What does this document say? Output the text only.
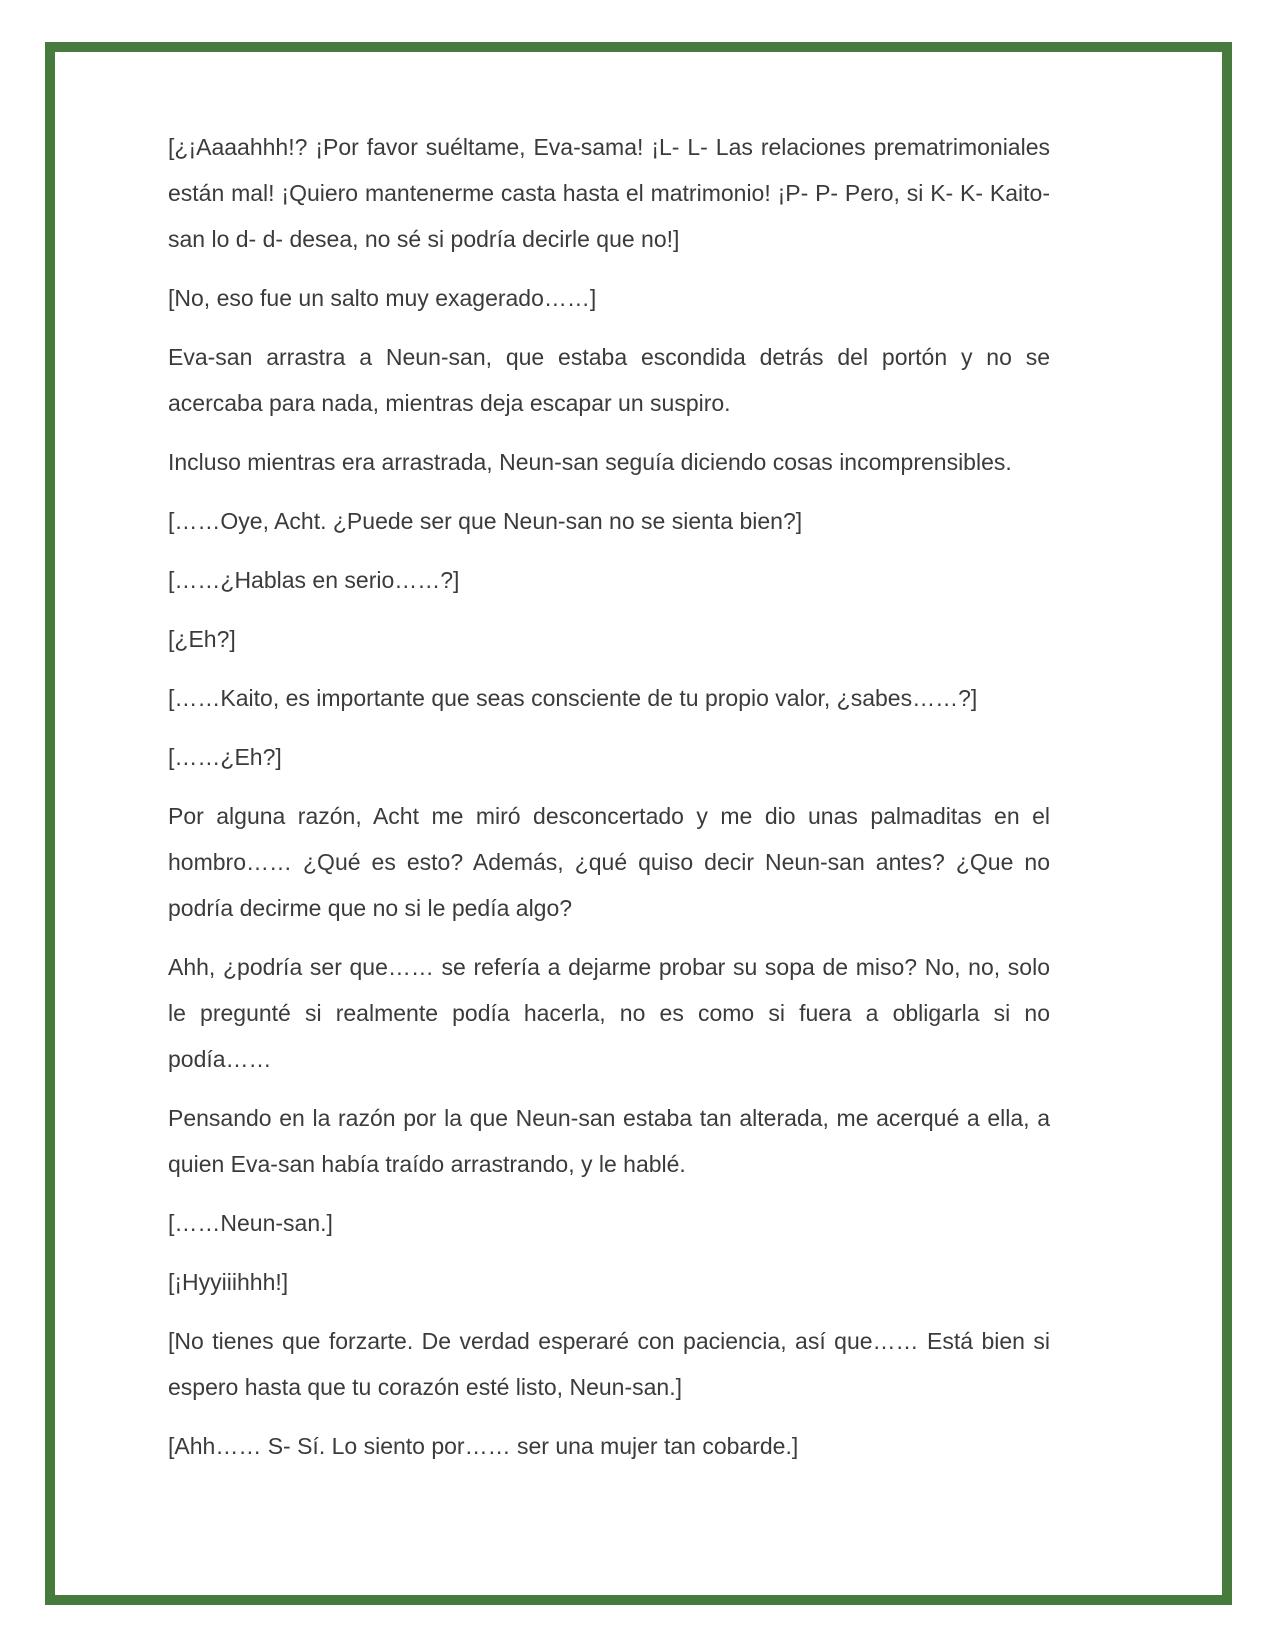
[¿¡Aaaahhh!? ¡Por favor suéltame, Eva-sama! ¡L- L- Las relaciones prematrimoniales están mal! ¡Quiero mantenerme casta hasta el matrimonio! ¡P- P- Pero, si K- K- Kaito-san lo d- d- desea, no sé si podría decirle que no!]

[No, eso fue un salto muy exagerado……]

Eva-san arrastra a Neun-san, que estaba escondida detrás del portón y no se acercaba para nada, mientras deja escapar un suspiro.

Incluso mientras era arrastrada, Neun-san seguía diciendo cosas incomprensibles.

[……Oye, Acht. ¿Puede ser que Neun-san no se sienta bien?]

[……¿Hablas en serio……?]

[¿Eh?]

[……Kaito, es importante que seas consciente de tu propio valor, ¿sabes……?]

[……¿Eh?]

Por alguna razón, Acht me miró desconcertado y me dio unas palmaditas en el hombro…… ¿Qué es esto? Además, ¿qué quiso decir Neun-san antes? ¿Que no podría decirme que no si le pedía algo?

Ahh, ¿podría ser que…… se refería a dejarme probar su sopa de miso? No, no, solo le pregunté si realmente podía hacerla, no es como si fuera a obligarla si no podía……

Pensando en la razón por la que Neun-san estaba tan alterada, me acerqué a ella, a quien Eva-san había traído arrastrando, y le hablé.

[……Neun-san.]

[¡Hyyiiihhh!]

[No tienes que forzarte. De verdad esperaré con paciencia, así que…… Está bien si espero hasta que tu corazón esté listo, Neun-san.]

[Ahh…… S- Sí. Lo siento por…… ser una mujer tan cobarde.]
